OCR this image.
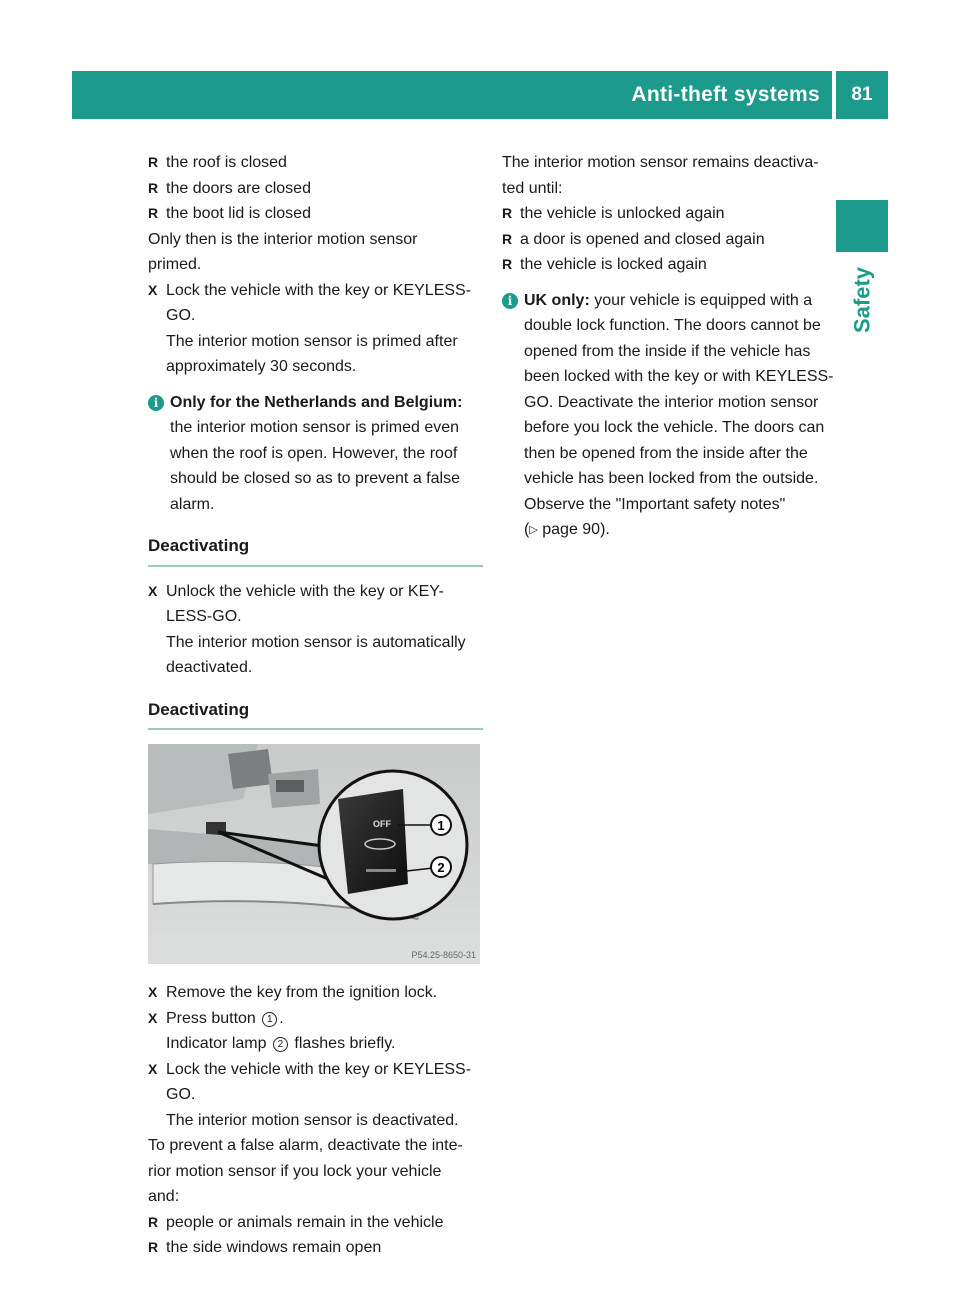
Anti-theft systems	81
Safety
R the roof is closed
R the doors are closed
R the boot lid is closed
Only then is the interior motion sensor
primed.
X Lock the vehicle with the key or KEYLESS-
GO.
The interior motion sensor is primed after
approximately 30 seconds.
i Only for the Netherlands and Belgium:
the interior motion sensor is primed even
when the roof is open. However, the roof
should be closed so as to prevent a false
alarm.
Deactivating
X Unlock the vehicle with the key or KEY-
LESS-GO.
The interior motion sensor is automatically
deactivated.
Deactivating
OFF	1
2
P54.25-8650-31
X Remove the key from the ignition lock.
X Press button 1 .
Indicator lamp 2 flashes briefly.
X Lock the vehicle with the key or KEYLESS-
GO.
The interior motion sensor is deactivated.
To prevent a false alarm, deactivate the inte-
rior motion sensor if you lock your vehicle
and:
R people or animals remain in the vehicle
R the side windows remain open
The interior motion sensor remains deactiva-
ted until:
R the vehicle is unlocked again
R a door is opened and closed again
R the vehicle is locked again
i UK only: your vehicle is equipped with a
double lock function. The doors cannot be
opened from the inside if the vehicle has
been locked with the key or with KEYLESS-
GO. Deactivate the interior motion sensor
before you lock the vehicle. The doors can
then be opened from the inside after the
vehicle has been locked from the outside.
Observe the "Important safety notes"
(▷ page 90).
